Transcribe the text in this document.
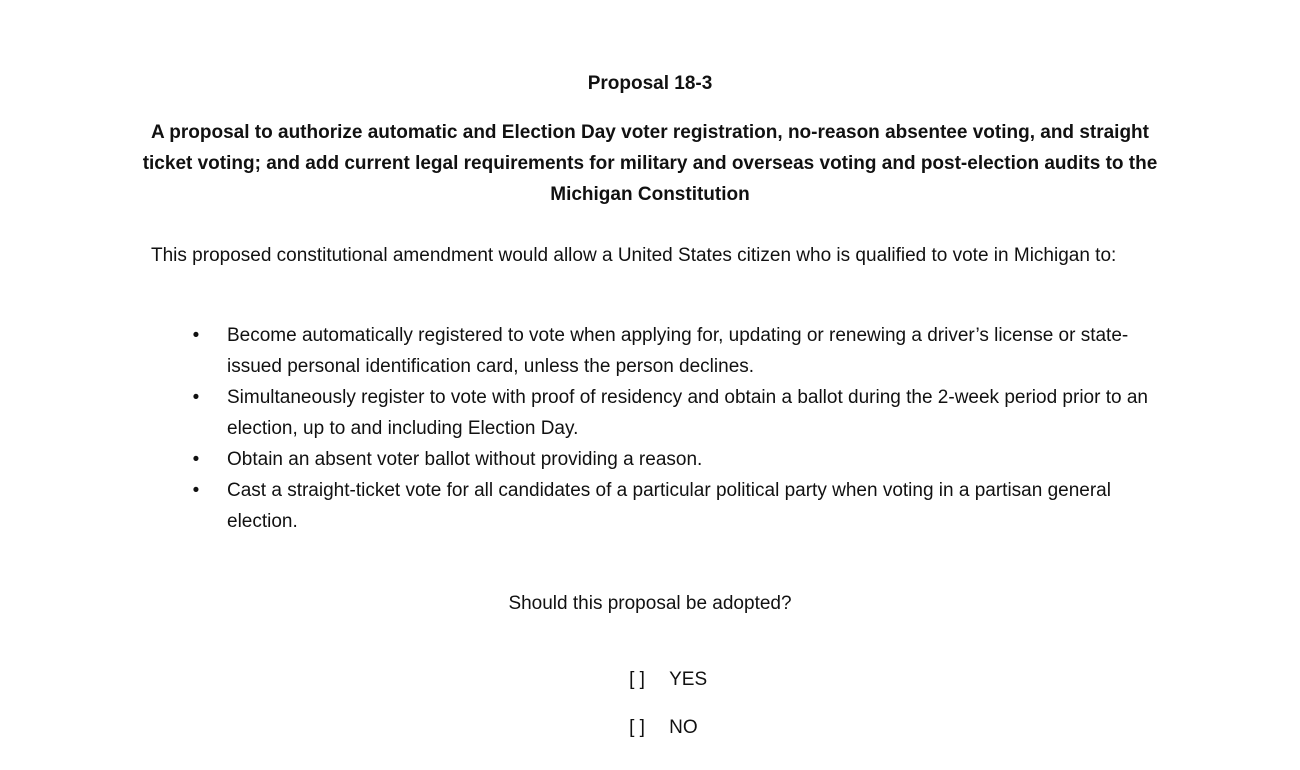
Proposal 18-3
A proposal to authorize automatic and Election Day voter registration, no-reason absentee voting, and straight ticket voting; and add current legal requirements for military and overseas voting and post-election audits to the Michigan Constitution
This proposed constitutional amendment would allow a United States citizen who is qualified to vote in Michigan to:
• Become automatically registered to vote when applying for, updating or renewing a driver’s license or state-issued personal identification card, unless the person declines.
• Simultaneously register to vote with proof of residency and obtain a ballot during the 2-week period prior to an election, up to and including Election Day.
• Obtain an absent voter ballot without providing a reason.
• Cast a straight-ticket vote for all candidates of a particular political party when voting in a partisan general election.
Should this proposal be adopted?

[ ] YES

[ ] NO
